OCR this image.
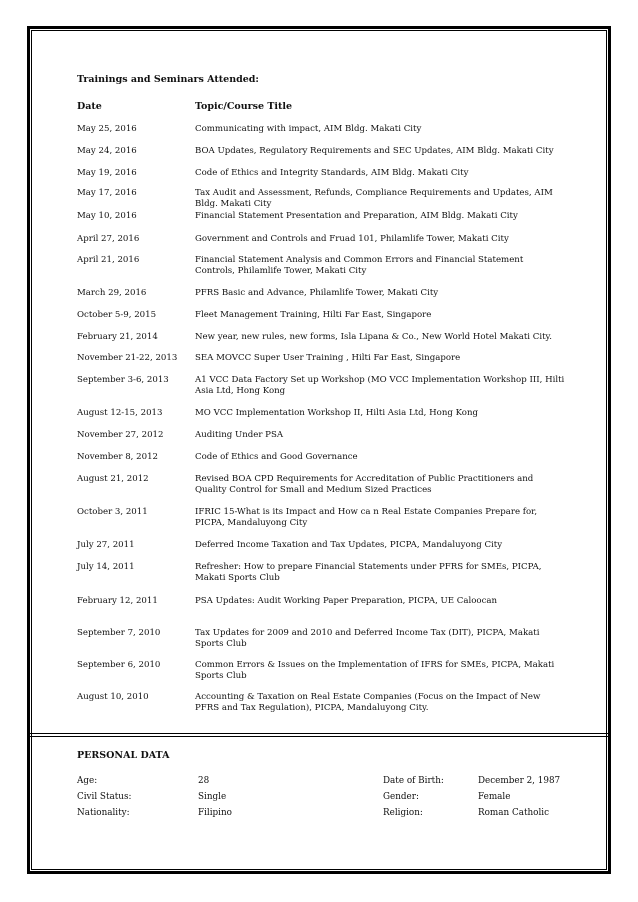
Trainings and Seminars Attended:
Date	Topic/Course Title
May 25, 2016	Communicating with impact, AIM Bldg. Makati City
May 24, 2016	BOA Updates, Regulatory Requirements and SEC Updates, AIM Bldg. Makati City
May 19, 2016	Code of Ethics and Integrity Standards, AIM Bldg. Makati City
May 17, 2016	Tax Audit and Assessment, Refunds, Compliance Requirements and Updates, AIM Bldg. Makati City
May 10, 2016	Financial Statement Presentation and Preparation, AIM Bldg. Makati City
April 27, 2016	Government and Controls and Fruad 101, Philamlife Tower, Makati City
April 21, 2016	Financial Statement Analysis and Common Errors and Financial Statement Controls, Philamlife Tower, Makati City
March 29, 2016	PFRS Basic and Advance, Philamlife Tower, Makati City
October 5-9, 2015	Fleet Management Training, Hilti Far East, Singapore
February 21, 2014	New year, new rules, new forms, Isla Lipana & Co., New World Hotel Makati City.
November 21-22, 2013 SEA MOVCC Super User Training , Hilti Far East, Singapore
September 3-6, 2013	A1 VCC Data Factory Set up Workshop (MO VCC Implementation Workshop III, Hilti Asia Ltd, Hong Kong
August 12-15, 2013	MO VCC Implementation Workshop II, Hilti Asia Ltd, Hong Kong
November 27, 2012	Auditing Under PSA
November 8, 2012	Code of Ethics and Good Governance
August 21, 2012	Revised BOA CPD Requirements for Accreditation of Public Practitioners and Quality Control for Small and Medium Sized Practices
October 3, 2011	IFRIC 15-What is its Impact and How ca n Real Estate Companies Prepare for, PICPA, Mandaluyong City
July 27, 2011	Deferred Income Taxation and Tax Updates, PICPA, Mandaluyong City
July 14, 2011	Refresher: How to prepare Financial Statements under PFRS for SMEs, PICPA, Makati Sports Club
February 12, 2011	PSA Updates: Audit Working Paper Preparation, PICPA, UE Caloocan
September 7, 2010	Tax Updates for 2009 and 2010 and Deferred Income Tax (DIT), PICPA, Makati Sports Club
September 6, 2010	Common Errors & Issues on the Implementation of IFRS for SMEs, PICPA, Makati Sports Club
August 10, 2010	Accounting & Taxation on Real Estate Companies (Focus on the Impact of New PFRS and Tax Regulation), PICPA, Mandaluyong City.
PERSONAL DATA
Age:	28	Date of Birth:	December 2, 1987
Civil Status:	Single	Gender:	Female
Nationality:	Filipino	Religion:	Roman Catholic
